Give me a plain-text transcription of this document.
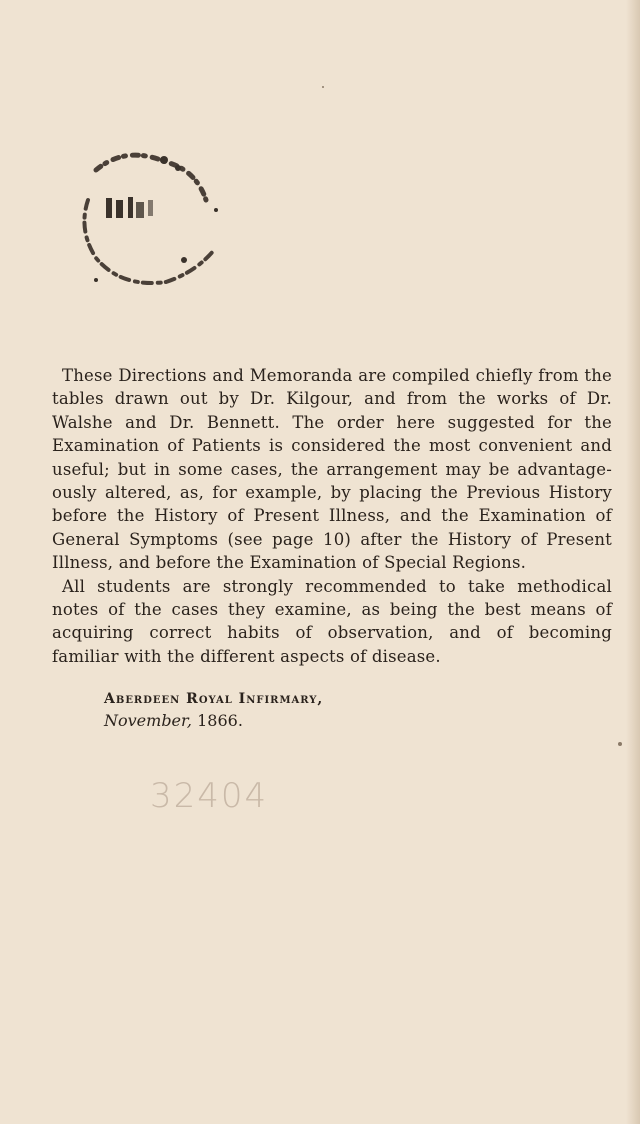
These Directions and Memoranda are compiled chiefly from the tables drawn out by Dr. Kilgour, and from the works of Dr. Walshe and Dr. Bennett. The order here suggested for the Examination of Patients is considered the most convenient and useful; but in some cases, the arrangement may be advantage-ously altered, as, for example, by placing the Previous History before the History of Present Illness, and the Examination of General Symptoms (see page 10) after the History of Present Illness, and before the Examination of Special Regions.

All students are strongly recommended to take methodical notes of the cases they examine, as being the best means of acquiring correct habits of observation, and of becoming familiar with the different aspects of disease.

Aberdeen Royal Infirmary,
November, 1866.
32404
